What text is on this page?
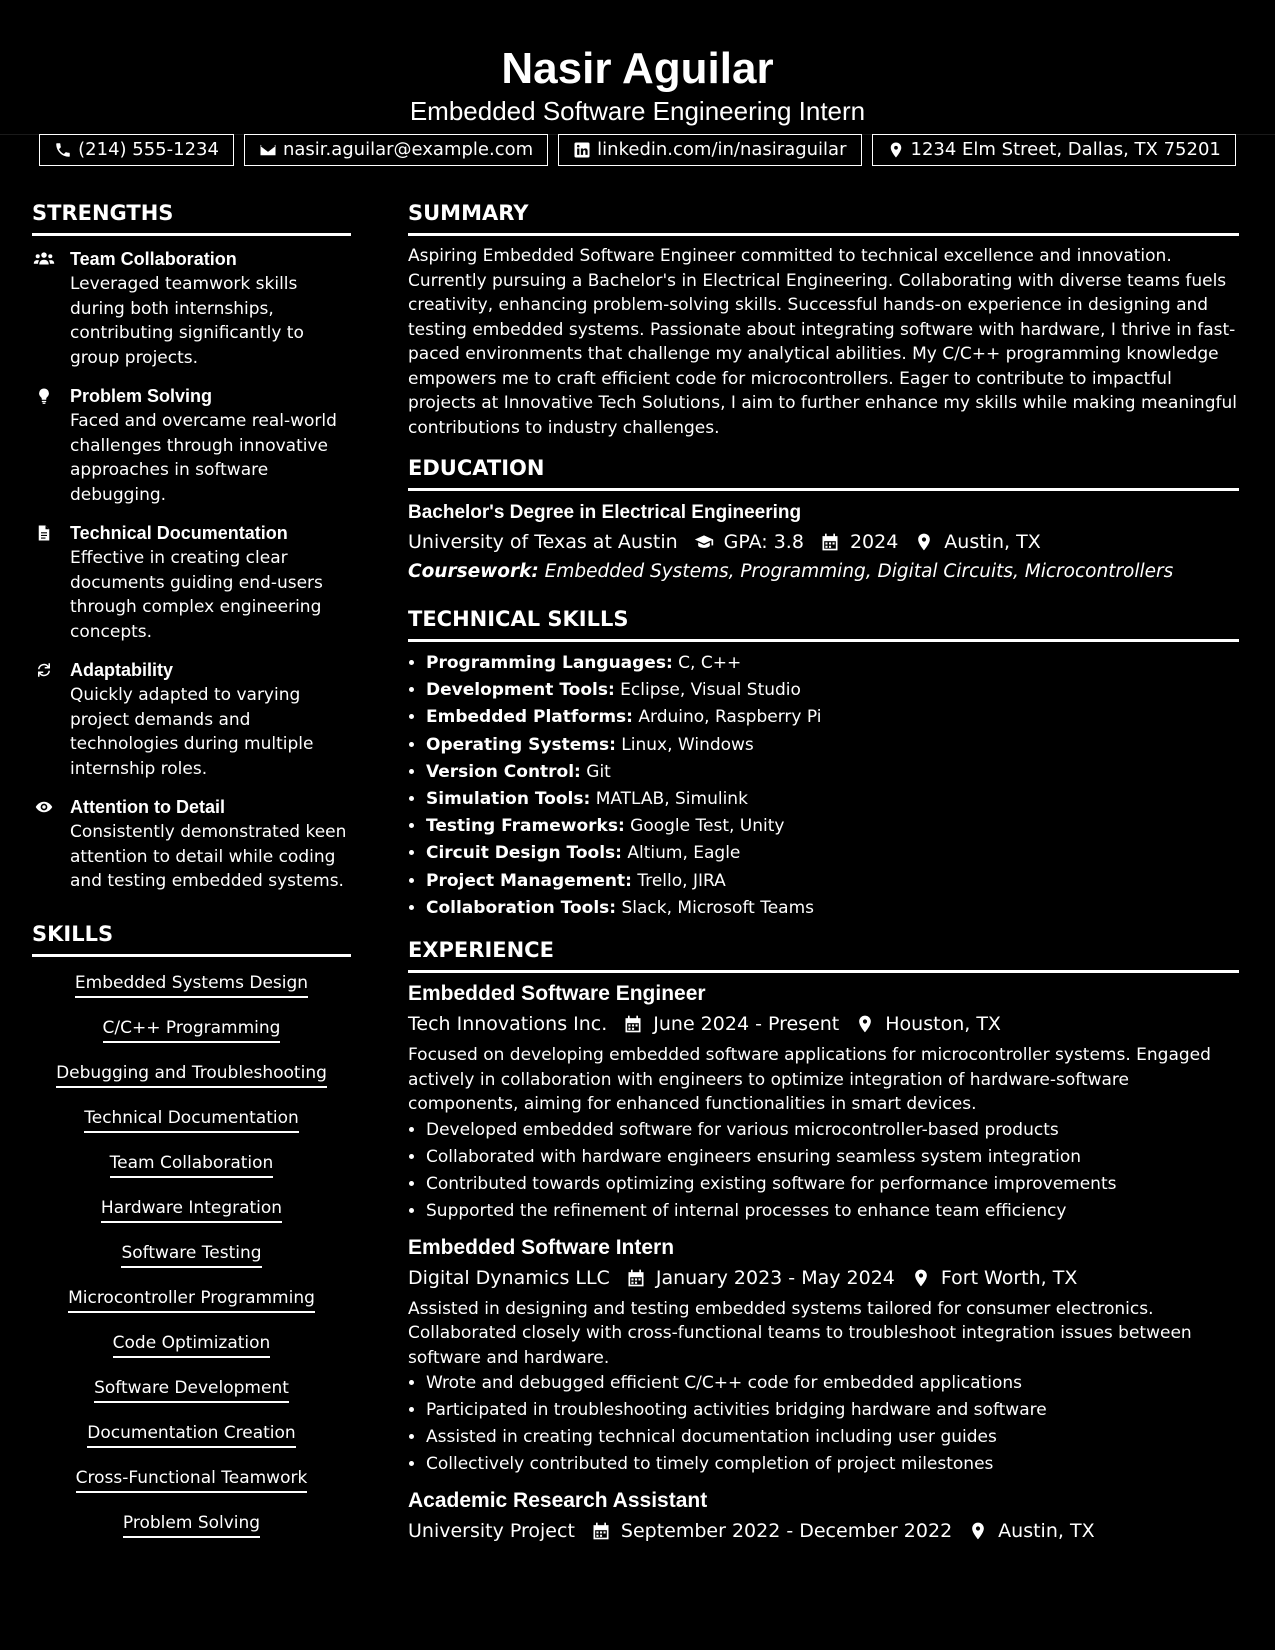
Nasir Aguilar
Embedded Software Engineering Intern
(214) 555-1234	nasir.aguilar@example.com	linkedin.com/in/nasiraguilar	1234 Elm Street, Dallas, TX 75201
STRENGTHS
Team Collaboration
Leveraged teamwork skills during both internships, contributing significantly to group projects.
Problem Solving
Faced and overcame real-world challenges through innovative approaches in software debugging.
Technical Documentation
Effective in creating clear documents guiding end-users through complex engineering concepts.
Adaptability
Quickly adapted to varying project demands and technologies during multiple internship roles.
Attention to Detail
Consistently demonstrated keen attention to detail while coding and testing embedded systems.
SKILLS
Embedded Systems Design
C/C++ Programming
Debugging and Troubleshooting
Technical Documentation
Team Collaboration
Hardware Integration
Software Testing
Microcontroller Programming
Code Optimization
Software Development
Documentation Creation
Cross-Functional Teamwork
Problem Solving
SUMMARY
Aspiring Embedded Software Engineer committed to technical excellence and innovation. Currently pursuing a Bachelor's in Electrical Engineering. Collaborating with diverse teams fuels creativity, enhancing problem-solving skills. Successful hands-on experience in designing and testing embedded systems. Passionate about integrating software with hardware, I thrive in fast-paced environments that challenge my analytical abilities. My C/C++ programming knowledge empowers me to craft efficient code for microcontrollers. Eager to contribute to impactful projects at Innovative Tech Solutions, I aim to further enhance my skills while making meaningful contributions to industry challenges.
EDUCATION
Bachelor's Degree in Electrical Engineering
University of Texas at Austin GPA: 3.8 2024 Austin, TX
Coursework: Embedded Systems, Programming, Digital Circuits, Microcontrollers
TECHNICAL SKILLS
• Programming Languages: C, C++
• Development Tools: Eclipse, Visual Studio
• Embedded Platforms: Arduino, Raspberry Pi
• Operating Systems: Linux, Windows
• Version Control: Git
• Simulation Tools: MATLAB, Simulink
• Testing Frameworks: Google Test, Unity
• Circuit Design Tools: Altium, Eagle
• Project Management: Trello, JIRA
• Collaboration Tools: Slack, Microsoft Teams
EXPERIENCE
Embedded Software Engineer
Tech Innovations Inc. June 2024 - Present Houston, TX
Focused on developing embedded software applications for microcontroller systems. Engaged actively in collaboration with engineers to optimize integration of hardware-software components, aiming for enhanced functionalities in smart devices.
• Developed embedded software for various microcontroller-based products
• Collaborated with hardware engineers ensuring seamless system integration
• Contributed towards optimizing existing software for performance improvements
• Supported the refinement of internal processes to enhance team efficiency
Embedded Software Intern
Digital Dynamics LLC January 2023 - May 2024 Fort Worth, TX
Assisted in designing and testing embedded systems tailored for consumer electronics. Collaborated closely with cross-functional teams to troubleshoot integration issues between software and hardware.
• Wrote and debugged efficient C/C++ code for embedded applications
• Participated in troubleshooting activities bridging hardware and software
• Assisted in creating technical documentation including user guides
• Collectively contributed to timely completion of project milestones
Academic Research Assistant
University Project September 2022 - December 2022 Austin, TX
